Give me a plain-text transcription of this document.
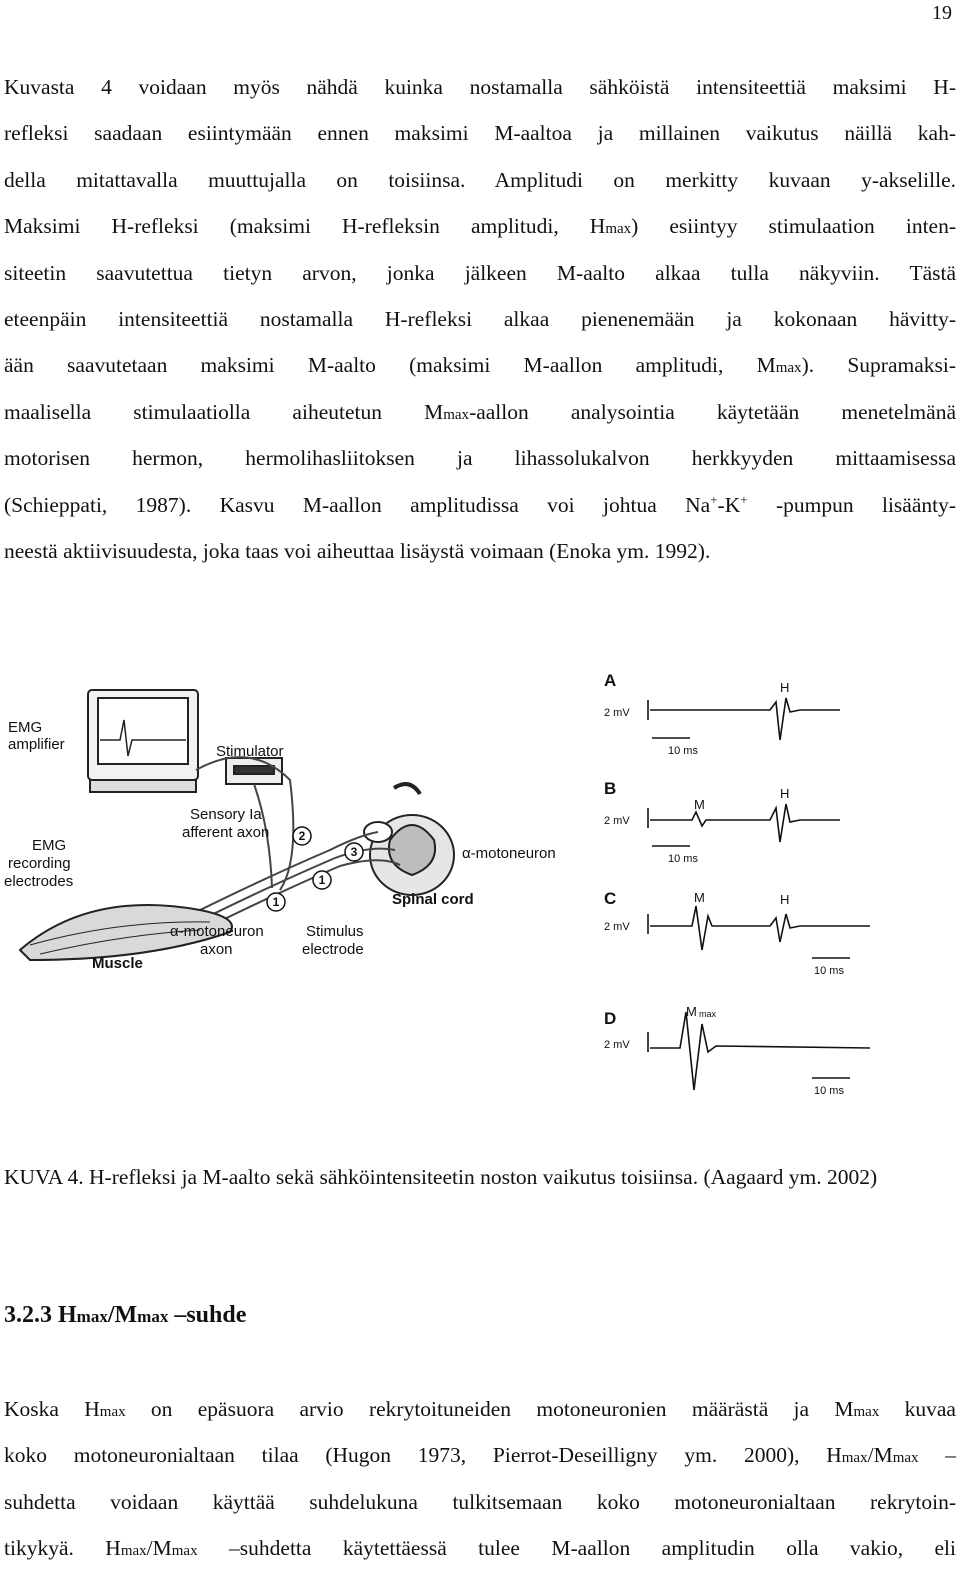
19
Kuvasta 4 voidaan myös nähdä kuinka nostamalla sähköistä intensiteettiä maksimi H-
refleksi saadaan esiintymään ennen maksimi M-aaltoa ja millainen vaikutus näillä kah-
della mitattavalla muuttujalla on toisiinsa. Amplitudi on merkitty kuvaan y-akselille.
Maksimi H-refleksi (maksimi H-refleksin amplitudi, Hmax) esiintyy stimulaation inten-
siteetin saavutettua tietyn arvon, jonka jälkeen M-aalto alkaa tulla näkyviin. Tästä
eteenpäin intensiteettiä nostamalla H-refleksi alkaa pienenemään ja kokonaan hävitty-
ään saavutetaan maksimi M-aalto (maksimi M-aallon amplitudi, Mmax). Supramaksi-
maalisella stimulaatiolla aiheutetun Mmax-aallon analysointia käytetään menetelmänä
motorisen hermon, hermolihasliitoksen ja lihassolukalvon herkkyyden mittaamisessa
(Schieppati, 1987). Kasvu M-aallon amplitudissa voi johtua Na+-K+ -pumpun lisäänty-
neestä aktiivisuudesta, joka taas voi aiheuttaa lisäystä voimaan (Enoka ym. 1992).
2
3
1
1
EMG
amplifier	Stimulator
Sensory Ia
afferent axon
EMG
recording
electrodes
α-motoneuron
Spinal cord
α-motoneuron
axon
Stimulus
electrode
Muscle
A
2 mV
10 ms
H
B
2 mV
10 ms
M
H
C
2 mV
10 ms
M	H
D
2 mV
10 ms
M max
KUVA 4. H-refleksi ja M-aalto sekä sähköintensiteetin noston vaikutus toisiinsa. (Aagaard ym. 2002)
3.2.3 Hmax/Mmax –suhde
Koska Hmax on epäsuora arvio rekrytoituneiden motoneuronien määrästä ja Mmax kuvaa
koko motoneuronialtaan tilaa (Hugon 1973, Pierrot-Deseilligny ym. 2000), Hmax/Mmax –
suhdetta voidaan käyttää suhdelukuna tulkitsemaan koko motoneuronialtaan rekrytoin-
tikykyä. Hmax/Mmax –suhdetta käytettäessä tulee M-aallon amplitudin olla vakio, eli
